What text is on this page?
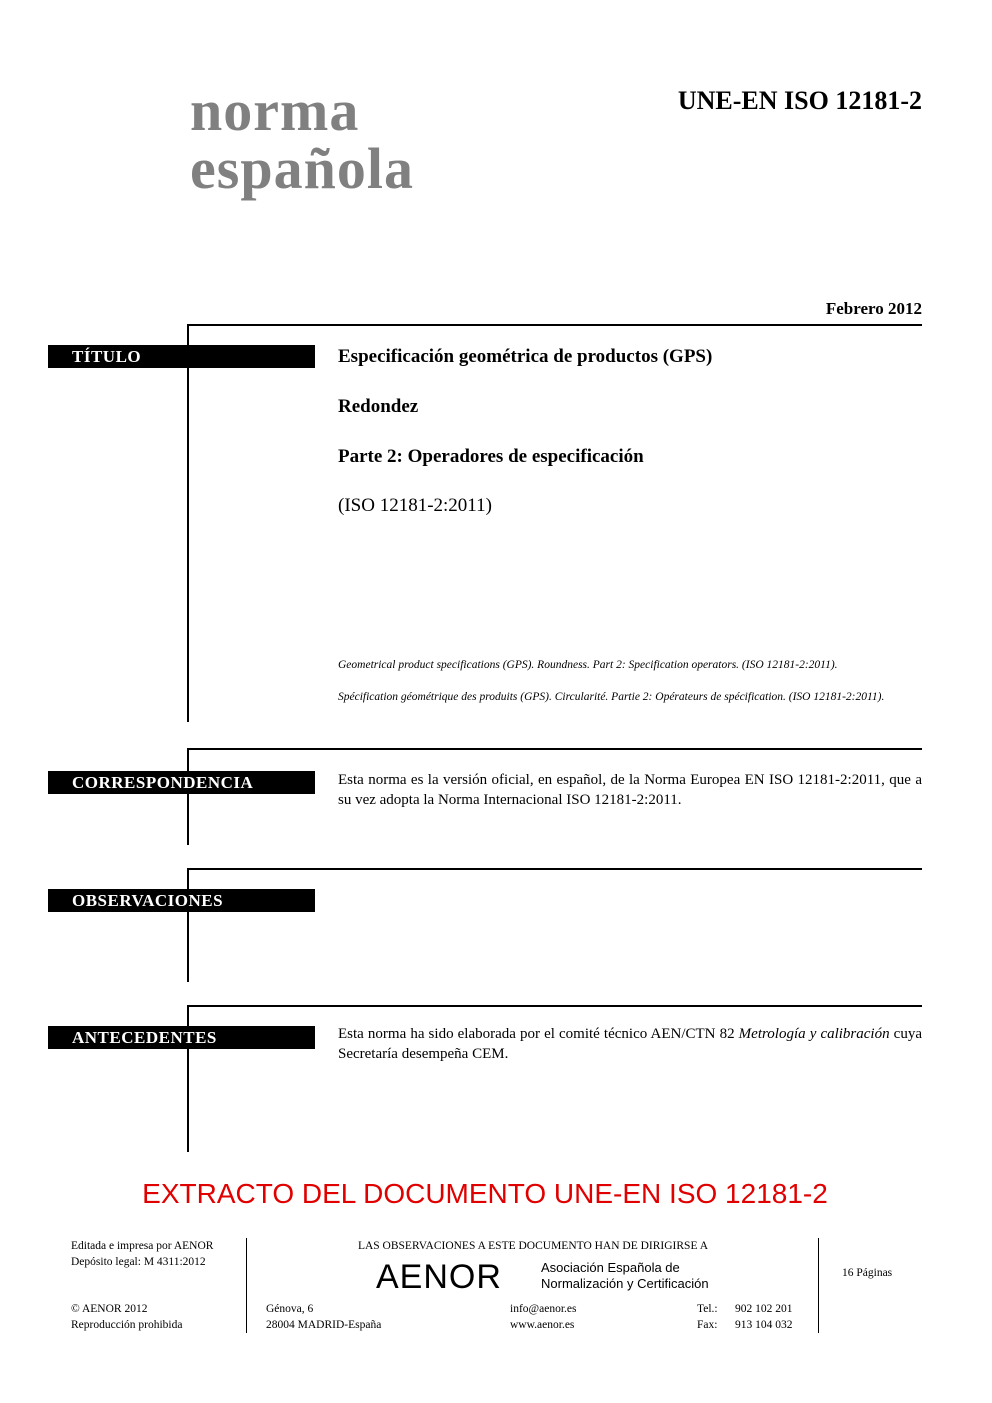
norma
española
UNE-EN ISO 12181-2
Febrero 2012
TÍTULO	Especificación geométrica de productos (GPS)
Redondez
Parte 2: Operadores de especificación
(ISO 12181-2:2011)
Geometrical product specifications (GPS). Roundness. Part 2: Specification operators. (ISO 12181-2:2011).
Spécification géométrique des produits (GPS). Circularité. Partie 2: Opérateurs de spécification. (ISO 12181-2:2011).
CORRESPONDENCIA	Esta norma es la versión oficial, en español, de la Norma Europea EN ISO 12181-2:2011, que a su vez adopta la Norma Internacional ISO 12181-2:2011.
OBSERVACIONES
ANTECEDENTES	Esta norma ha sido elaborada por el comité técnico AEN/CTN 82 Metrología y calibración cuya Secretaría desempeña CEM.
EXTRACTO DEL DOCUMENTO UNE-EN ISO 12181-2
Editada e impresa por AENOR
Depósito legal: M 4311:2012
© AENOR 2012
Reproducción prohibida
LAS OBSERVACIONES A ESTE DOCUMENTO HAN DE DIRIGIRSE A
AENOR	Asociación Española de
Normalización y Certificación
Génova, 6
28004 MADRID-España
info@aenor.es
www.aenor.es
Tel.: 902 102 201
Fax: 913 104 032
16 Páginas
